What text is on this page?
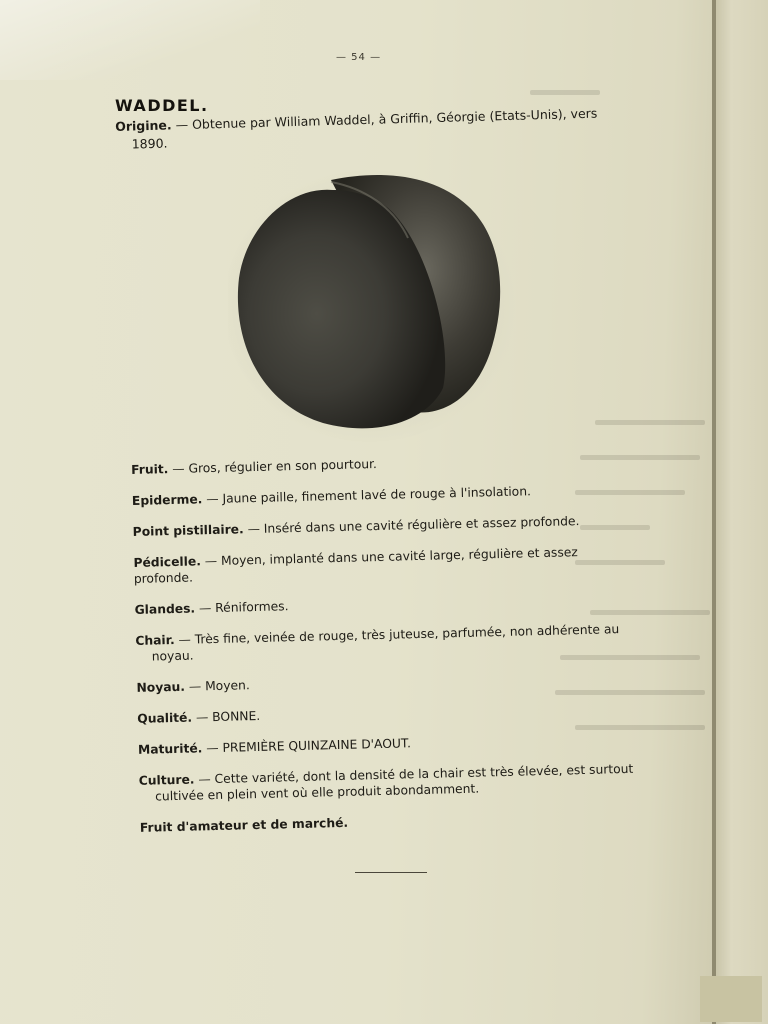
— 54 —
WADDEL.
Origine. — Obtenue par William Waddel, à Griffin, Géorgie (Etats-Unis), vers
1890.
Fruit. — Gros, régulier en son pourtour.
Epiderme. — Jaune paille, finement lavé de rouge à l'insolation.
Point pistillaire. — Inséré dans une cavité régulière et assez profonde.
Pédicelle. — Moyen, implanté dans une cavité large, régulière et assez profonde.
Glandes. — Réniformes.
Chair. — Très fine, veinée de rouge, très juteuse, parfumée, non adhérente au
noyau.
Noyau. — Moyen.
Qualité. — BONNE.
Maturité. — PREMIÈRE QUINZAINE D'AOUT.
Culture. — Cette variété, dont la densité de la chair est très élevée, est surtout
cultivée en plein vent où elle produit abondamment.
Fruit d'amateur et de marché.
